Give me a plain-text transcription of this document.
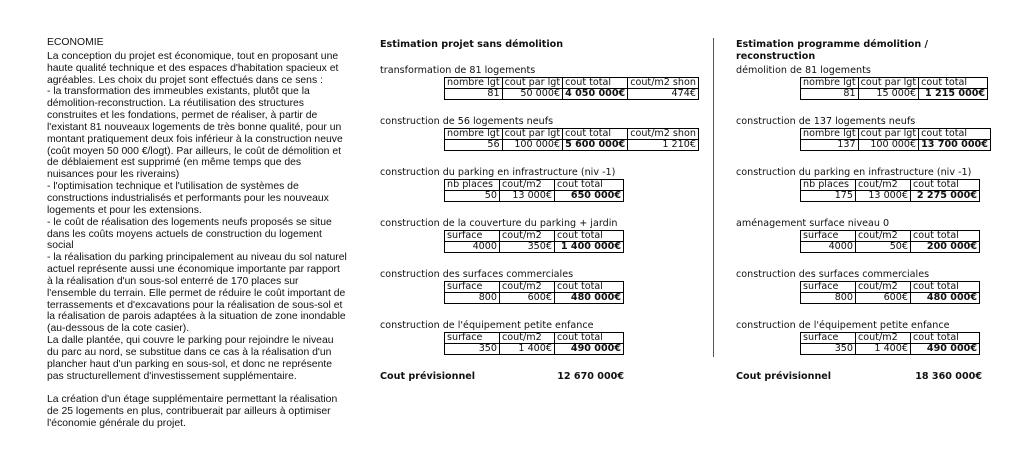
ECONOMIE

La conception du projet est économique, tout en proposant une haute qualité technique et des espaces d'habitation spacieux et agréables. Les choix du projet sont effectués dans ce sens :

- la transformation des immeubles existants, plutôt que la démolition-reconstruction. La réutilisation des structures construites et les fondations, permet de réaliser, à partir de l'existant 81 nouveaux logements de très bonne qualité, pour un montant pratiquement deux fois inférieur à la construction neuve (coût moyen 50 000 €/logt). Par ailleurs, le coût de démolition et de déblaiement est supprimé (en même temps que des nuisances pour les riverains)

- l'optimisation technique et l'utilisation de systèmes de constructions industrialisés et performants pour les nouveaux logements et pour les extensions.

- le coût de réalisation des logements neufs proposés se situe dans les coûts moyens actuels de construction du logement social

- la réalisation du parking principalement au niveau du sol naturel actuel représente aussi une économique importante par rapport à la réalisation d'un sous-sol enterré de 170 places sur l'ensemble du terrain. Elle permet de réduire le coût important de terrassements et d'excavations pour la réalisation de sous-sol et la réalisation de parois adaptées à la situation de zone inondable (au-dessous de la cote casier).

La dalle plantée, qui couvre le parking pour rejoindre le niveau du parc au nord, se substitue dans ce cas à la réalisation d'un plancher haut d'un parking en sous-sol, et donc ne représente pas structurellement d'investissement supplémentaire.

La création d'un étage supplémentaire permettant la réalisation de 25 logements en plus, contribuerait par ailleurs à optimiser l'économie générale du projet.

Estimation projet sans démolition
transformation de 81 logements
nombre lgt	cout par lgt	cout total	cout/m2 shon
81	50 000€	4 050 000€	474€
construction de 56 logements neufs
nombre lgt	cout par lgt	cout total	cout/m2 shon
56	100 000€	5 600 000€	1 210€
construction du parking en infrastructure (niv -1)
nb places	cout/m2	cout total
50	13 000€	650 000€
construction de la couverture du parking + jardin
surface	cout/m2	cout total
4000	350€	1 400 000€
construction des surfaces commerciales
surface	cout/m2	cout total
800	600€	480 000€
construction de l'équipement petite enfance
surface	cout/m2	cout total
350	1 400€	490 000€
Cout prévisionnel	12 670 000€
Estimation programme démolition / reconstruction
démolition de 81 logements
nombre lgt	cout par lgt	cout total
81	15 000€	1 215 000€
construction de 137 logements neufs
nombre lgt	cout par lgt	cout total
137	100 000€	13 700 000€
construction du parking en infrastructure (niv -1)
nb places	cout/m2	cout total
175	13 000€	2 275 000€
aménagement surface niveau 0
surface	cout/m2	cout total
4000	50€	200 000€
construction des surfaces commerciales
surface	cout/m2	cout total
800	600€	480 000€
construction de l'équipement petite enfance
surface	cout/m2	cout total
350	1 400€	490 000€
Cout prévisionnel	18 360 000€
